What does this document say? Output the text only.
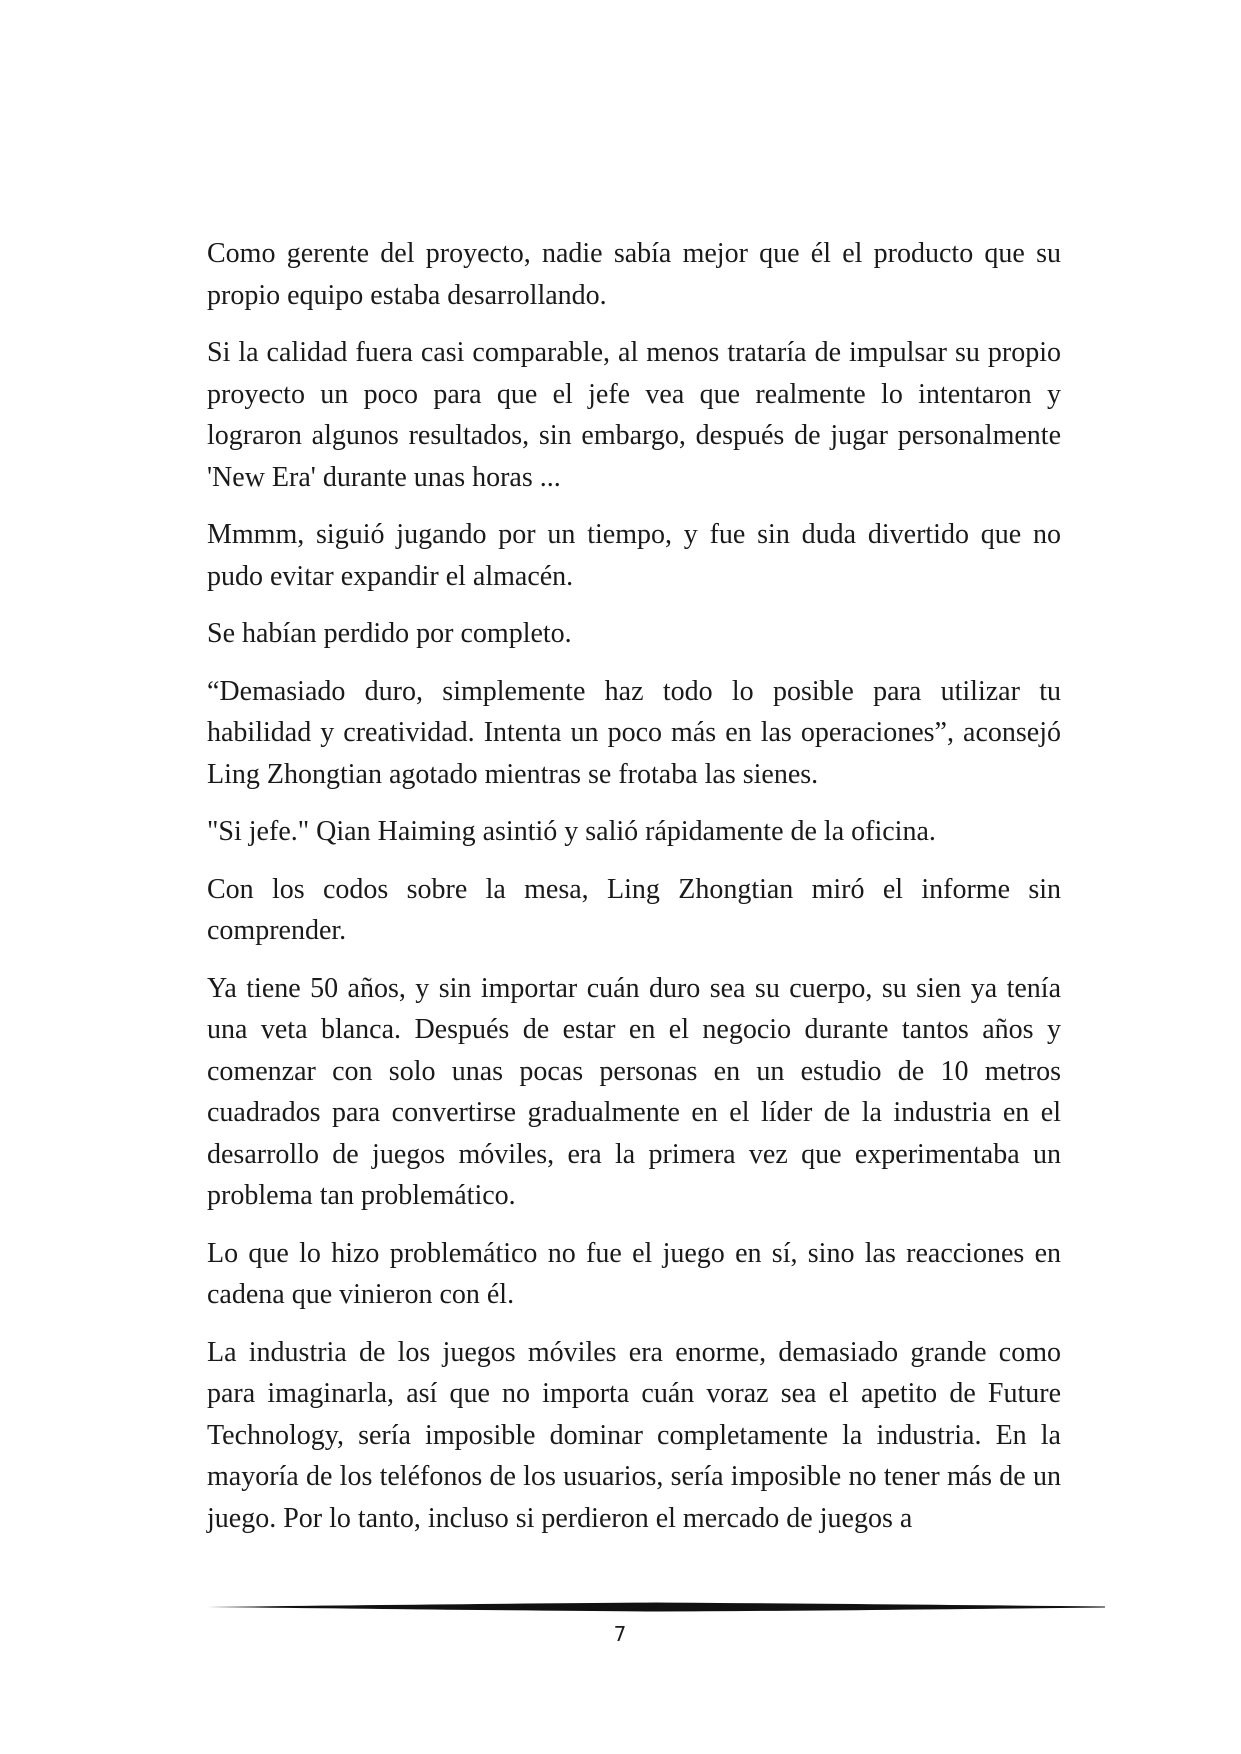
Como gerente del proyecto, nadie sabía mejor que él el producto que su propio equipo estaba desarrollando.

Si la calidad fuera casi comparable, al menos trataría de impulsar su propio proyecto un poco para que el jefe vea que realmente lo intentaron y lograron algunos resultados, sin embargo, después de jugar personalmente 'New Era' durante unas horas ...

Mmmm, siguió jugando por un tiempo, y fue sin duda divertido que no pudo evitar expandir el almacén.

Se habían perdido por completo.

“Demasiado duro, simplemente haz todo lo posible para utilizar tu habilidad y creatividad. Intenta un poco más en las operaciones”, aconsejó Ling Zhongtian agotado mientras se frotaba las sienes.

"Si jefe." Qian Haiming asintió y salió rápidamente de la oficina.

Con los codos sobre la mesa, Ling Zhongtian miró el informe sin comprender.

Ya tiene 50 años, y sin importar cuán duro sea su cuerpo, su sien ya tenía una veta blanca. Después de estar en el negocio durante tantos años y comenzar con solo unas pocas personas en un estudio de 10 metros cuadrados para convertirse gradualmente en el líder de la industria en el desarrollo de juegos móviles, era la primera vez que experimentaba un problema tan problemático.

Lo que lo hizo problemático no fue el juego en sí, sino las reacciones en cadena que vinieron con él.

La industria de los juegos móviles era enorme, demasiado grande como para imaginarla, así que no importa cuán voraz sea el apetito de Future Technology, sería imposible dominar completamente la industria. En la mayoría de los teléfonos de los usuarios, sería imposible no tener más de un juego. Por lo tanto, incluso si perdieron el mercado de juegos a

7
